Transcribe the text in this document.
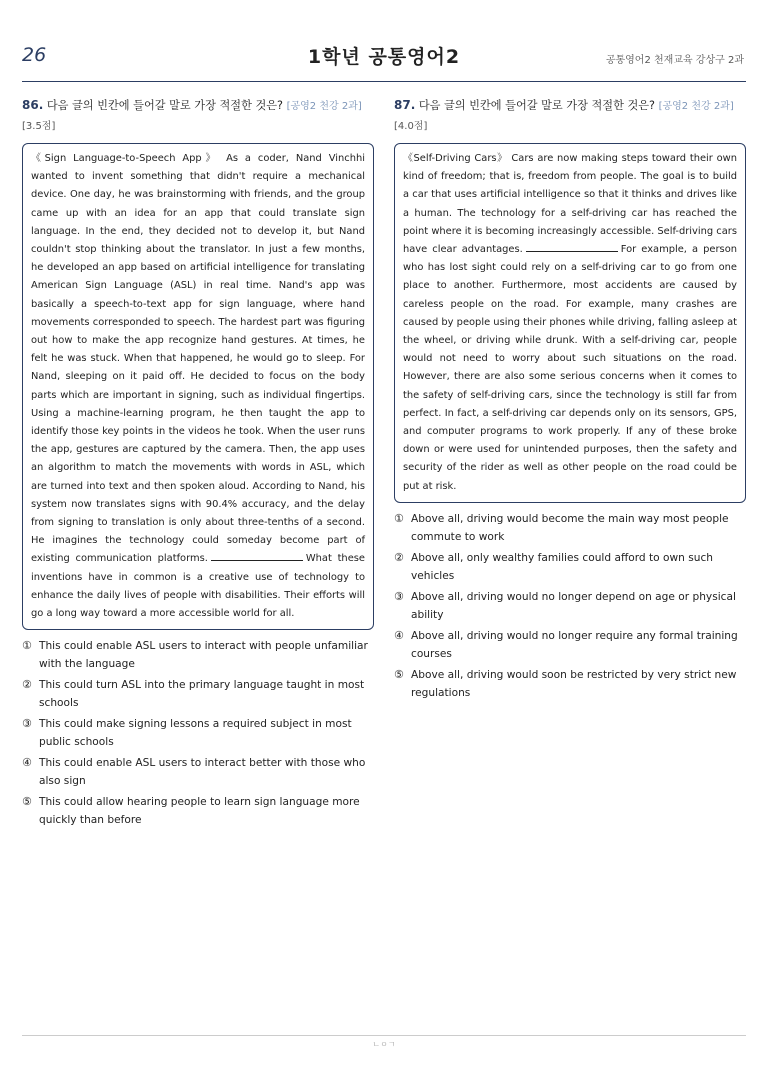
26	1학년 공통영어2	공통영어2 천재교육 강상구 2과
86. 다음 글의 빈칸에 들어갈 말로 가장 적절한 것은? [공영2 천강 2과] [3.5점]
《Sign Language-to-Speech App》 As a coder, Nand Vinchhi wanted to invent something that didn't require a mechanical device. One day, he was brainstorming with friends, and the group came up with an idea for an app that could translate sign language. In the end, they decided not to develop it, but Nand couldn't stop thinking about the translator. In just a few months, he developed an app based on artificial intelligence for translating American Sign Language (ASL) in real time. Nand's app was basically a speech-to-text app for sign language, where hand movements corresponded to speech. The hardest part was figuring out how to make the app recognize hand gestures. At times, he felt he was stuck. When that happened, he would go to sleep. For Nand, sleeping on it paid off. He decided to focus on the body parts which are important in signing, such as individual fingertips. Using a machine-learning program, he then taught the app to identify those key points in the videos he took. When the user runs the app, gestures are captured by the camera. Then, the app uses an algorithm to match the movements with words in ASL, which are turned into text and then spoken aloud. According to Nand, his system now translates signs with 90.4% accuracy, and the delay from signing to translation is only about three-tenths of a second. He imagines the technology could someday become part of existing communication platforms.	What these inventions have in common is a creative use of technology to enhance the daily lives of people with disabilities. Their efforts will go a long way toward a more accessible world for all.
① This could enable ASL users to interact with people unfamiliar with the language
② This could turn ASL into the primary language taught in most schools
③ This could make signing lessons a required subject in most public schools
④ This could enable ASL users to interact better with those who also sign
⑤ This could allow hearing people to learn sign language more quickly than before
87. 다음 글의 빈칸에 들어갈 말로 가장 적절한 것은? [공영2 천강 2과] [4.0점]
《Self-Driving Cars》 Cars are now making steps toward their own kind of freedom; that is, freedom from people. The goal is to build a car that uses artificial intelligence so that it thinks and drives like a human. The technology for a self-driving car has reached the point where it is becoming increasingly accessible. Self-driving cars have clear advantages.	For example, a person who has lost sight could rely on a self-driving car to go from one place to another. Furthermore, most accidents are caused by careless people on the road. For example, many crashes are caused by people using their phones while driving, falling asleep at the wheel, or driving while drunk. With a self-driving car, people would not need to worry about such situations on the road. However, there are also some serious concerns when it comes to the safety of self-driving cars, since the technology is still far from perfect. In fact, a self-driving car depends only on its sensors, GPS, and computer programs to work properly. If any of these broke down or were used for unintended purposes, then the safety and security of the rider as well as other people on the road could be put at risk.
① Above all, driving would become the main way most people commute to work
② Above all, only wealthy families could afford to own such vehicles
③ Above all, driving would no longer depend on age or physical ability
④ Above all, driving would no longer require any formal training courses
⑤ Above all, driving would soon be restricted by very strict new regulations
ㄴㅇㄱ
